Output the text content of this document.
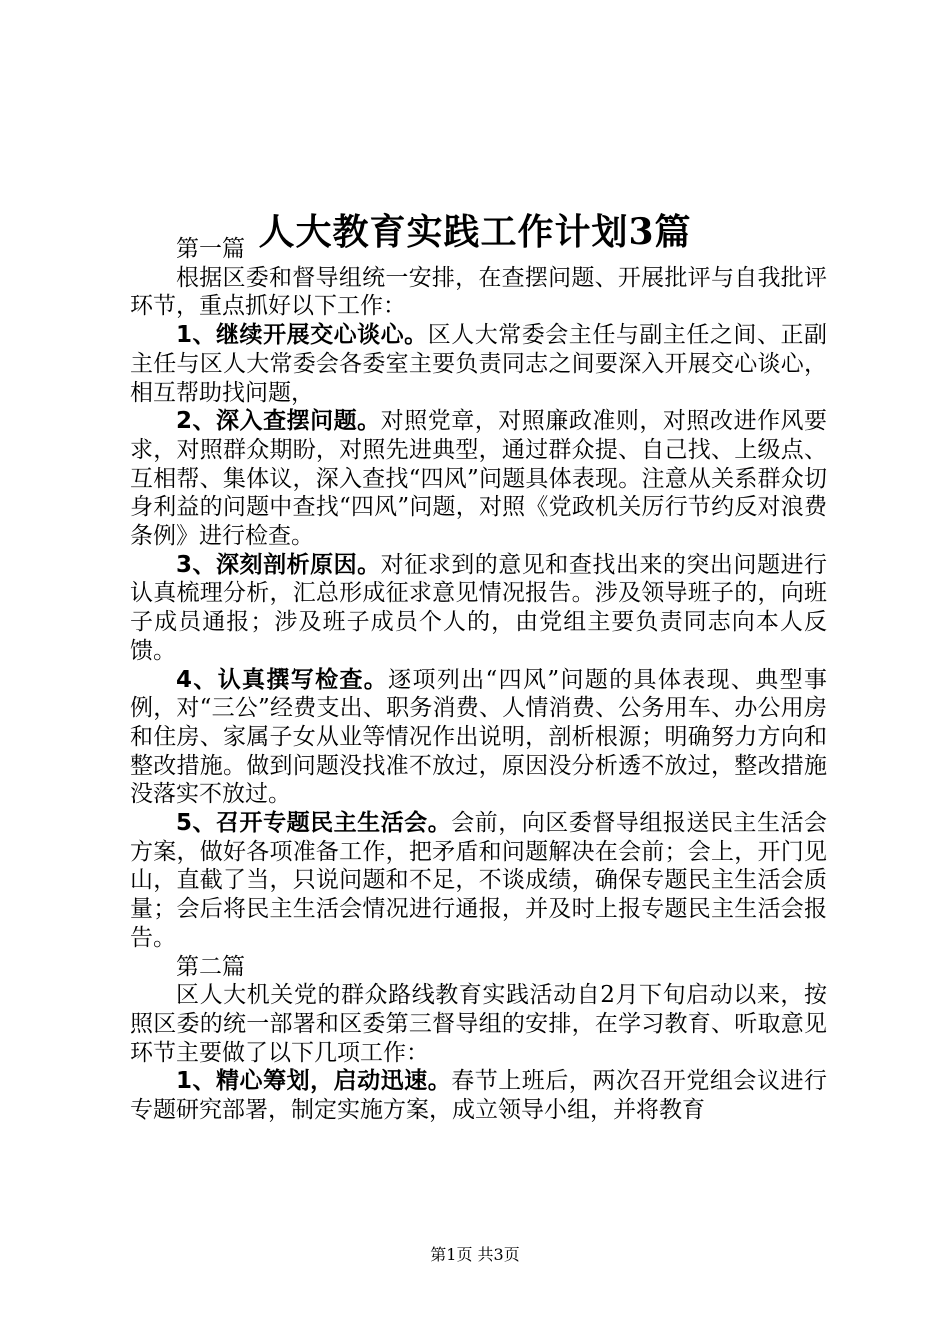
人大教育实践工作计划3篇

第一篇

根据区委和督导组统一安排，在查摆问题、开展批评与自我批评环节，重点抓好以下工作：

1、继续开展交心谈心。区人大常委会主任与副主任之间、正副主任与区人大常委会各委室主要负责同志之间要深入开展交心谈心，相互帮助找问题，

2、深入查摆问题。对照党章，对照廉政准则，对照改进作风要求，对照群众期盼，对照先进典型，通过群众提、自己找、上级点、互相帮、集体议，深入查找“四风”问题具体表现。注意从关系群众切身利益的问题中查找“四风”问题，对照《党政机关厉行节约反对浪费条例》进行检查。

3、深刻剖析原因。对征求到的意见和查找出来的突出问题进行认真梳理分析，汇总形成征求意见情况报告。涉及领导班子的，向班子成员通报；涉及班子成员个人的，由党组主要负责同志向本人反馈。

4、认真撰写检查。逐项列出“四风”问题的具体表现、典型事例，对“三公”经费支出、职务消费、人情消费、公务用车、办公用房和住房、家属子女从业等情况作出说明，剖析根源；明确努力方向和整改措施。做到问题没找准不放过，原因没分析透不放过，整改措施没落实不放过。

5、召开专题民主生活会。会前，向区委督导组报送民主生活会方案，做好各项准备工作，把矛盾和问题解决在会前；会上，开门见山，直截了当，只说问题和不足，不谈成绩，确保专题民主生活会质量；会后将民主生活会情况进行通报，并及时上报专题民主生活会报告。

第二篇

区人大机关党的群众路线教育实践活动自2月下旬启动以来，按照区委的统一部署和区委第三督导组的安排，在学习教育、听取意见环节主要做了以下几项工作：

1、精心筹划，启动迅速。春节上班后，两次召开党组会议进行专题研究部署，制定实施方案，成立领导小组，并将教育

第1页 共3页
